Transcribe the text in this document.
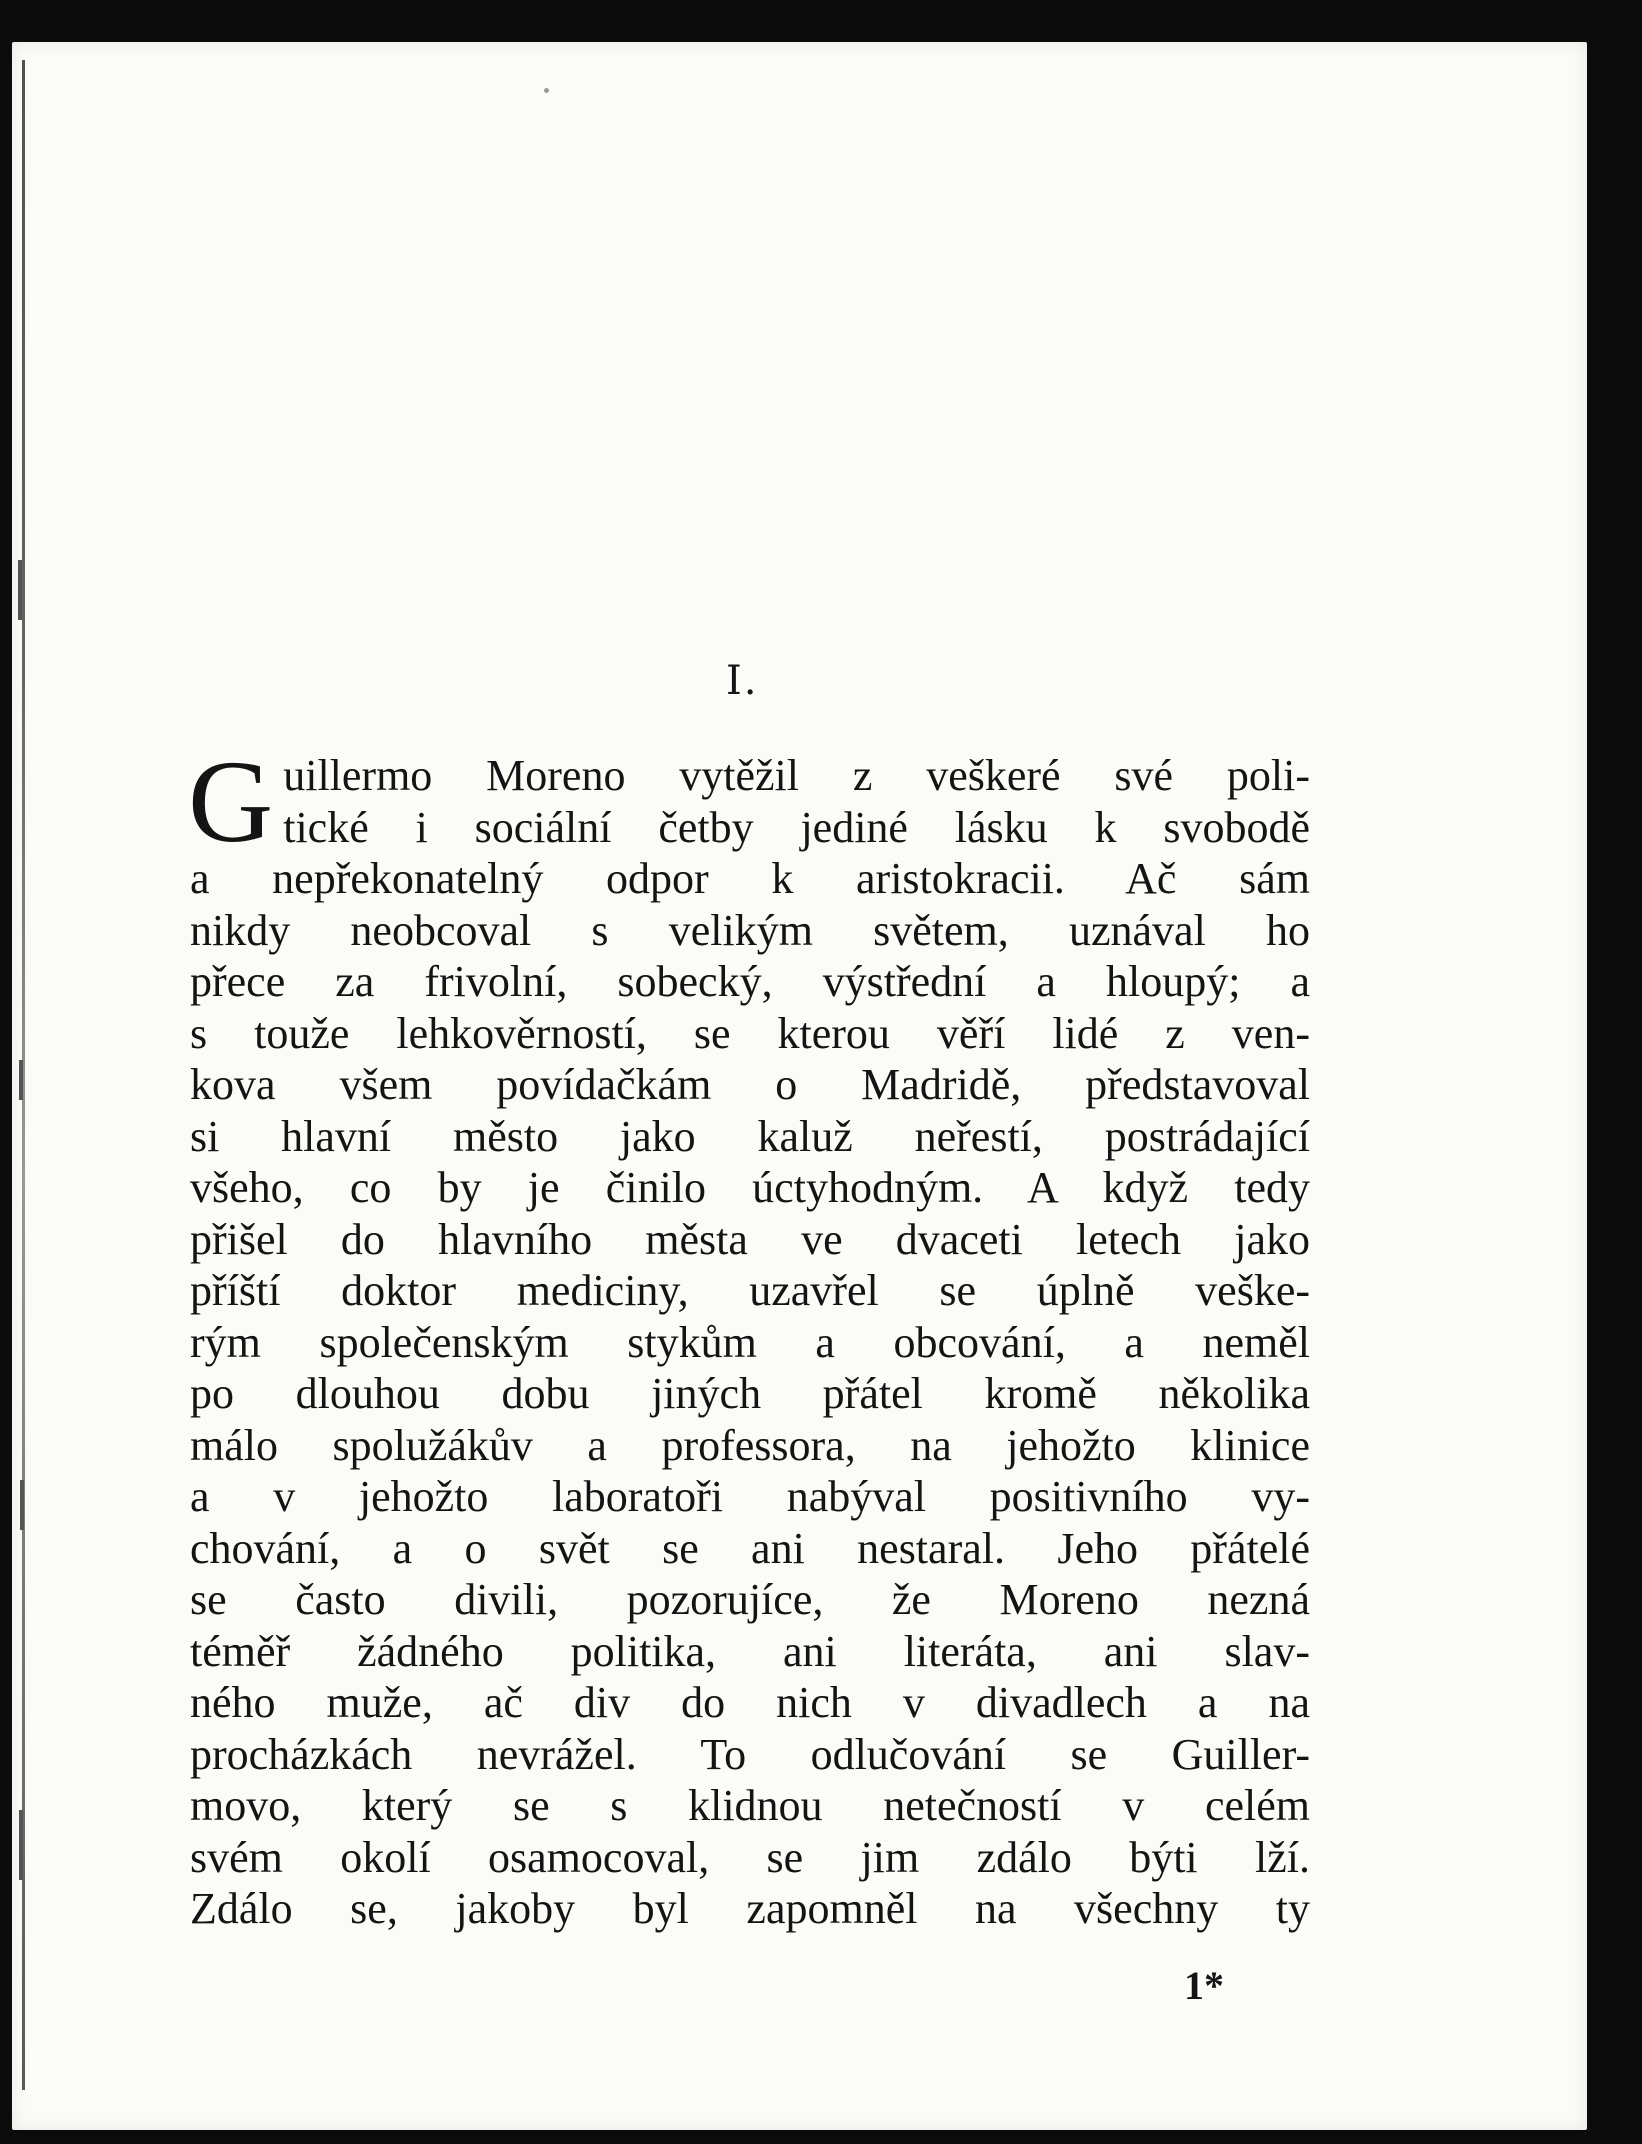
I.
G uillermo Moreno vytěžil z veškeré své poli-
tické i sociální četby jediné lásku k svobodě
a nepřekonatelný odpor k aristokracii. Ač sám
nikdy neobcoval s velikým světem, uznával ho
přece za frivolní, sobecký, výstřední a hloupý; a
s touže lehkověrností, se kterou věří lidé z ven-
kova všem povídačkám o Madridě, představoval
si hlavní město jako kaluž neřestí, postrádající
všeho, co by je činilo úctyhodným. A když tedy
přišel do hlavního města ve dvaceti letech jako
příští doktor mediciny, uzavřel se úplně veške-
rým společenským stykům a obcování, a neměl
po dlouhou dobu jiných přátel kromě několika
málo spolužákův a professora, na jehožto klinice
a v jehožto laboratoři nabýval positivního vy-
chování, a o svět se ani nestaral. Jeho přátelé
se často divili, pozorujíce, že Moreno nezná
téměř žádného politika, ani literáta, ani slav-
ného muže, ač div do nich v divadlech a na
procházkách nevrážel. To odlučování se Guiller-
movo, který se s klidnou netečností v celém
svém okolí osamocoval, se jim zdálo býti lží.
Zdálo se, jakoby byl zapomněl na všechny ty
1*
